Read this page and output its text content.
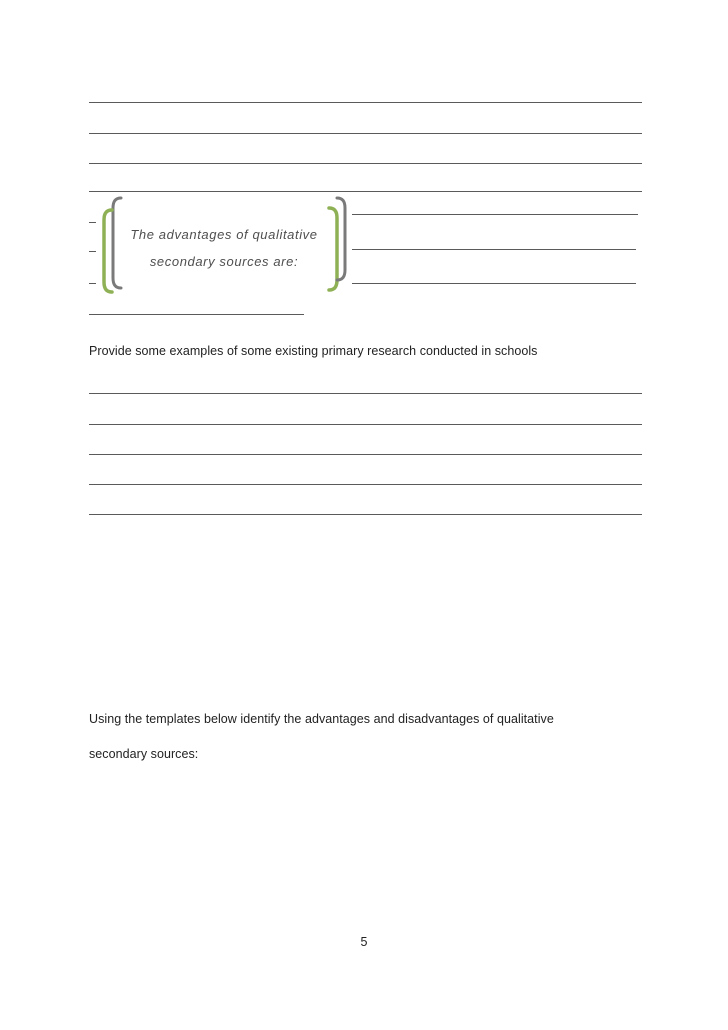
The advantages of qualitative
secondary sources are:
Provide some examples of some existing primary research conducted in schools
Using the templates below identify the advantages and disadvantages of qualitative
secondary sources:
5
